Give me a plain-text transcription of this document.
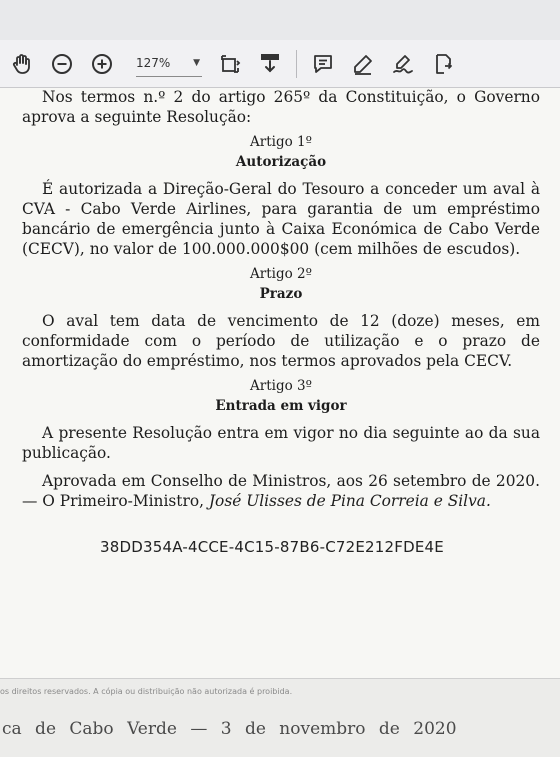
127%	▼

Nos termos n.º 2 do artigo 265º da Constituição, o Governo aprova a seguinte Resolução:

Artigo 1º
Autorização

É autorizada a Direção-Geral do Tesouro a conceder um aval à CVA - Cabo Verde Airlines, para garantia de um empréstimo bancário de emergência junto à Caixa Económica de Cabo Verde (CECV), no valor de 100.000.000$00 (cem milhões de escudos).

Artigo 2º
Prazo

O aval tem data de vencimento de 12 (doze) meses, em conformidade com o período de utilização e o prazo de amortização do empréstimo, nos termos aprovados pela CECV.

Artigo 3º
Entrada em vigor

A presente Resolução entra em vigor no dia seguinte ao da sua publicação.

Aprovada em Conselho de Ministros, aos 26 setembro de 2020. — O Primeiro-Ministro, José Ulisses de Pina Correia e Silva.

38DD354A-4CCE-4C15-87B6-C72E212FDE4E
os direitos reservados. A cópia ou distribuição não autorizada é proibida.
ca de Cabo Verde — 3 de novembro de 2020
